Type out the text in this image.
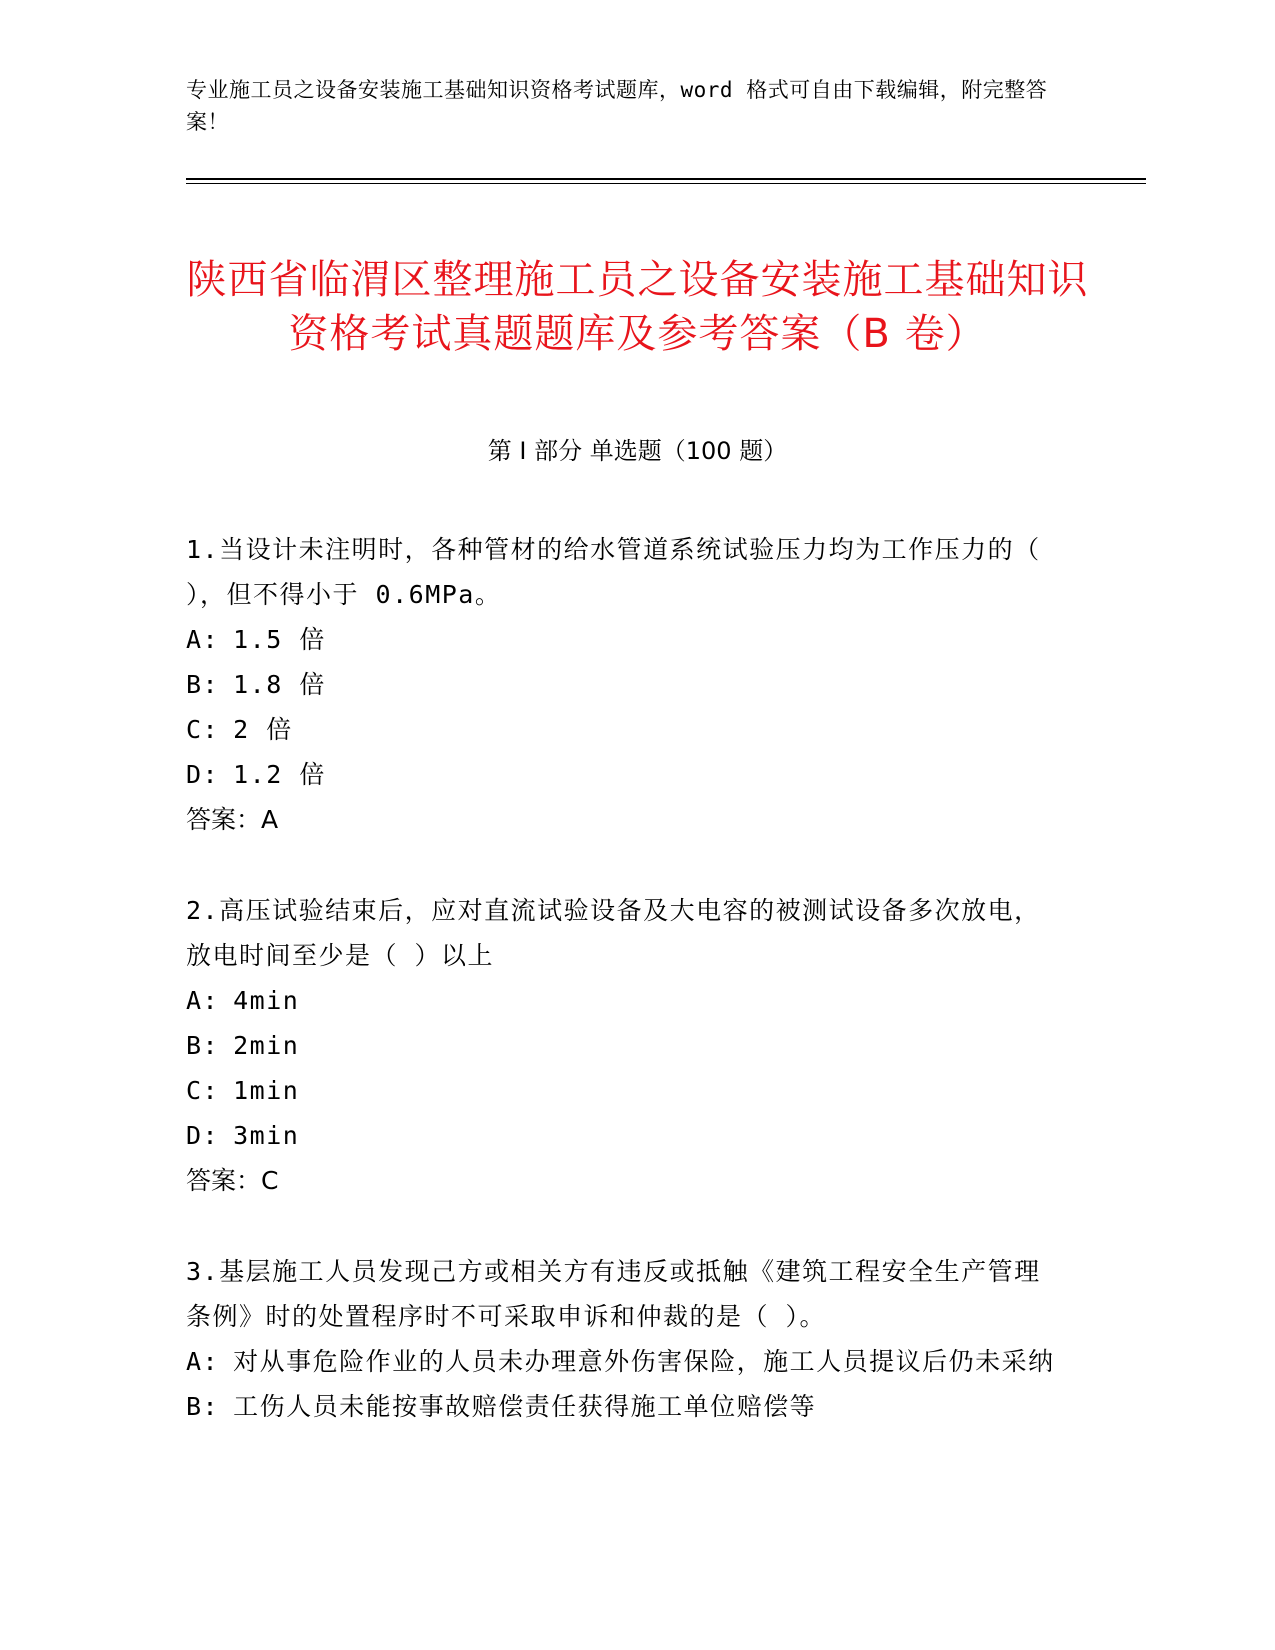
专业施工员之设备安装施工基础知识资格考试题库，word 格式可自由下载编辑，附完整答案！
陕西省临渭区整理施工员之设备安装施工基础知识资格考试真题题库及参考答案（B 卷）
第 I 部分 单选题（100 题）
1.当设计未注明时，各种管材的给水管道系统试验压力均为工作压力的（ ），但不得小于 0.6MPa。
A: 1.5 倍
B: 1.8 倍
C: 2 倍
D: 1.2 倍
答案：A
2.高压试验结束后，应对直流试验设备及大电容的被测试设备多次放电，放电时间至少是（ ）以上
A: 4min
B: 2min
C: 1min
D: 3min
答案：C
3.基层施工人员发现己方或相关方有违反或抵触《建筑工程安全生产管理条例》时的处置程序时不可采取申诉和仲裁的是（ ）。
A: 对从事危险作业的人员未办理意外伤害保险，施工人员提议后仍未采纳
B: 工伤人员未能按事故赔偿责任获得施工单位赔偿等
